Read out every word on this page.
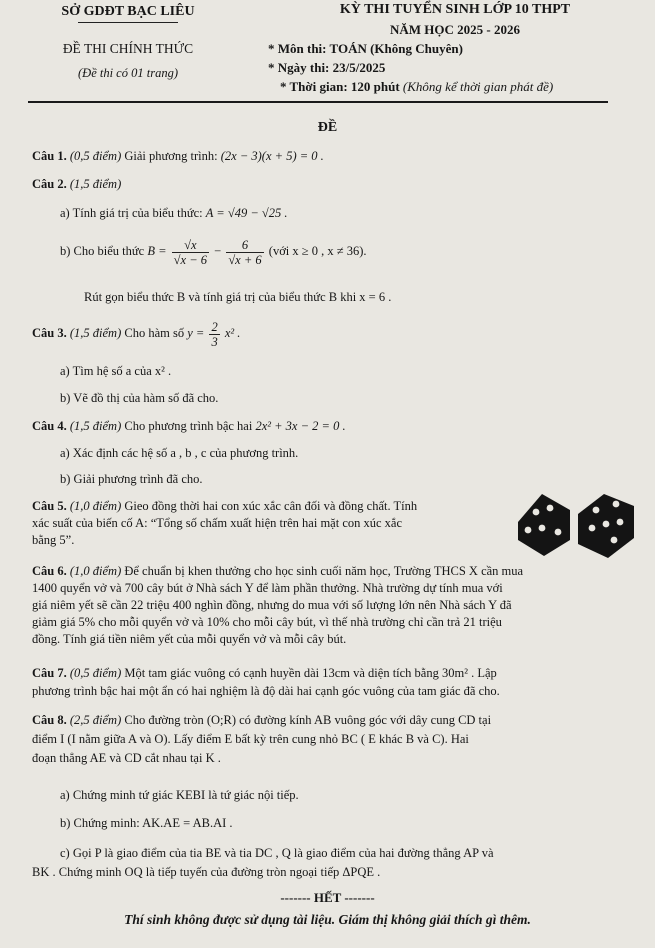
SỞ GDĐT BẠC LIÊU
ĐỀ THI CHÍNH THỨC
(Đề thi có 01 trang)
KỲ THI TUYỂN SINH LỚP 10 THPT
NĂM HỌC 2025 - 2026
* Môn thi: TOÁN (Không Chuyên)
* Ngày thi: 23/5/2025
* Thời gian: 120 phút (Không kể thời gian phát đề)
ĐỀ
Câu 1. (0,5 điểm) Giải phương trình: (2x − 3)(x + 5) = 0 .
Câu 2. (1,5 điểm)
a) Tính giá trị của biểu thức: A = √49 − √25 .
b) Cho biểu thức $B = \frac{√x}{√x - 6} - \frac{6}{√x + 6}$ (với x ≥ 0 , x ≠ 36).
Rút gọn biểu thức B và tính giá trị của biểu thức B khi x = 6 .
Câu 3. (1,5 điểm) Cho hàm số $y = \frac{2}{3} x^2$ .
a) Tìm hệ số a của x² .
b) Vẽ đồ thị của hàm số đã cho.
Câu 4. (1,5 điểm) Cho phương trình bậc hai 2x² + 3x − 2 = 0 .
a) Xác định các hệ số a , b , c của phương trình.
b) Giải phương trình đã cho.
Câu 5. (1,0 điểm) Gieo đồng thời hai con xúc xắc cân đối và đồng chất. Tính
xác suất của biến cố A: “Tổng số chấm xuất hiện trên hai mặt con xúc xắc
bằng 5”.
Câu 6. (1,0 điểm) Để chuẩn bị khen thưởng cho học sinh cuối năm học, Trường THCS X cần mua
1400 quyển vở và 700 cây bút ở Nhà sách Y để làm phần thưởng. Nhà trường dự tính mua với
giá niêm yết sẽ cần 22 triệu 400 nghìn đồng, nhưng do mua với số lượng lớn nên Nhà sách Y đã
giảm giá 5% cho mỗi quyển vở và 10% cho mỗi cây bút, vì thế nhà trường chỉ cần trả 21 triệu
đồng. Tính giá tiền niêm yết của mỗi quyển vở và mỗi cây bút.
Câu 7. (0,5 điểm) Một tam giác vuông có cạnh huyền dài 13cm và diện tích bằng 30m² . Lập
phương trình bậc hai một ẩn có hai nghiệm là độ dài hai cạnh góc vuông của tam giác đã cho.
Câu 8. (2,5 điểm) Cho đường tròn (O;R) có đường kính AB vuông góc với dây cung CD tại
điểm I (I nằm giữa A và O). Lấy điểm E bất kỳ trên cung nhỏ BC ( E khác B và C). Hai
đoạn thẳng AE và CD cắt nhau tại K .
a) Chứng minh tứ giác KEBI là tứ giác nội tiếp.
b) Chứng minh: AK.AE = AB.AI .
c) Gọi P là giao điểm của tia BE và tia DC , Q là giao điểm của hai đường thẳng AP và
BK . Chứng minh OQ là tiếp tuyến của đường tròn ngoại tiếp ΔPQE .
------- HẾT -------
Thí sinh không được sử dụng tài liệu. Giám thị không giải thích gì thêm.
